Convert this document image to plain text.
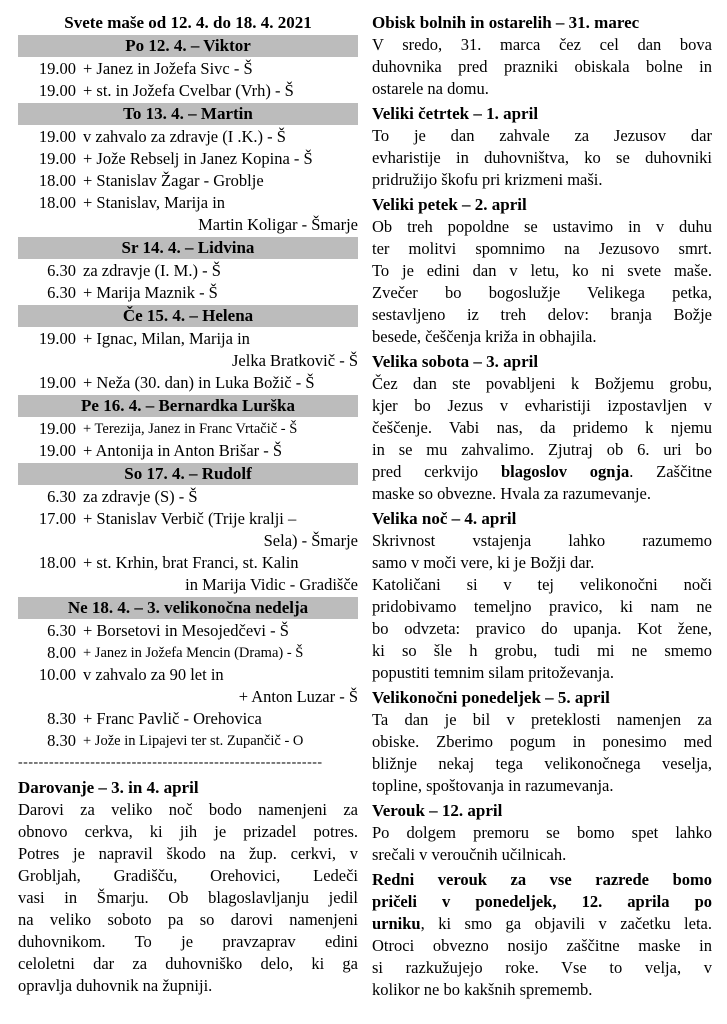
Svete maše od 12. 4. do 18. 4. 2021
Po 12. 4. – Viktor
19.00 + Janez in Jožefa Sivc - Š
19.00 + st. in Jožefa Cvelbar (Vrh) - Š
To 13. 4. – Martin
19.00 v zahvalo za zdravje (I .K.) - Š
19.00 + Jože Rebselj in Janez Kopina - Š
18.00 + Stanislav Žagar - Groblje
18.00 + Stanislav, Marija in
Martin Koligar - Šmarje
Sr 14. 4. – Lidvina
6.30 za zdravje (I. M.) - Š
6.30 + Marija Maznik - Š
Če 15. 4. – Helena
19.00 + Ignac, Milan, Marija in
Jelka Bratkovič - Š
19.00 + Neža (30. dan) in Luka Božič - Š
Pe 16. 4. – Bernardka Lurška
19.00 + Terezija, Janez in Franc Vrtačič - Š
19.00 + Antonija in Anton Brišar - Š
So 17. 4. – Rudolf
6.30 za zdravje (S) - Š
17.00 + Stanislav Verbič (Trije kralji –
Sela) - Šmarje
18.00 + st. Krhin, brat Franci, st. Kalin
in Marija Vidic - Gradišče
Ne 18. 4. – 3. velikonočna nedelja
6.30 + Borsetovi in Mesojedčevi - Š
8.00 + Janez in Jožefa Mencin (Drama) - Š
10.00 v zahvalo za 90 let in
+ Anton Luzar - Š
8.30 + Franc Pavlič - Orehovica
8.30 + Jože in Lipajevi ter st. Zupančič - O
-----------------------------------------------------------
Darovanje – 3. in 4. april
Darovi za veliko noč bodo namenjeni za
obnovo cerkva, ki jih je prizadel potres.
Potres je napravil škodo na žup. cerkvi, v
Grobljah, Gradišču, Orehovici, Ledeči
vasi in Šmarju. Ob blagoslavljanju jedil
na veliko soboto pa so darovi namenjeni
duhovnikom. To je pravzaprav edini
celoletni dar za duhovniško delo, ki ga
opravlja duhovnik na župniji.
Obisk bolnih in ostarelih – 31. marec
V sredo, 31. marca čez cel dan bova
duhovnika pred prazniki obiskala bolne in
ostarele na domu.
Veliki četrtek – 1. april
To je dan zahvale za Jezusov dar
evharistije in duhovništva, ko se duhovniki
pridružijo škofu pri krizmeni maši.
Veliki petek – 2. april
Ob treh popoldne se ustavimo in v duhu
ter molitvi spomnimo na Jezusovo smrt.
To je edini dan v letu, ko ni svete maše.
Zvečer bo bogoslužje Velikega petka,
sestavljeno iz treh delov: branja Božje
besede, češčenja križa in obhajila.
Velika sobota – 3. april
Čez dan ste povabljeni k Božjemu grobu,
kjer bo Jezus v evharistiji izpostavljen v
češčenje. Vabi nas, da pridemo k njemu
in se mu zahvalimo. Zjutraj ob 6. uri bo
pred cerkvijo blagoslov ognja. Zaščitne
maske so obvezne. Hvala za razumevanje.
Velika noč – 4. april
Skrivnost vstajenja lahko razumemo
samo v moči vere, ki je Božji dar.
Katoličani si v tej velikonočni noči
pridobivamo temeljno pravico, ki nam ne
bo odvzeta: pravico do upanja. Kot žene,
ki so šle h grobu, tudi mi ne smemo
popustiti temnim silam pritoževanja.
Velikonočni ponedeljek – 5. april
Ta dan je bil v preteklosti namenjen za
obiske. Zberimo pogum in ponesimo med
bližnje nekaj tega velikonočnega veselja,
topline, spoštovanja in razumevanja.
Verouk – 12. april
Po dolgem premoru se bomo spet lahko
srečali v veroučnih učilnicah.
Redni verouk za vse razrede bomo
pričeli v ponedeljek, 12. aprila po
urniku, ki smo ga objavili v začetku leta.
Otroci obvezno nosijo zaščitne maske in
si razkužujejo roke. Vse to velja, v
kolikor ne bo kakšnih sprememb.
